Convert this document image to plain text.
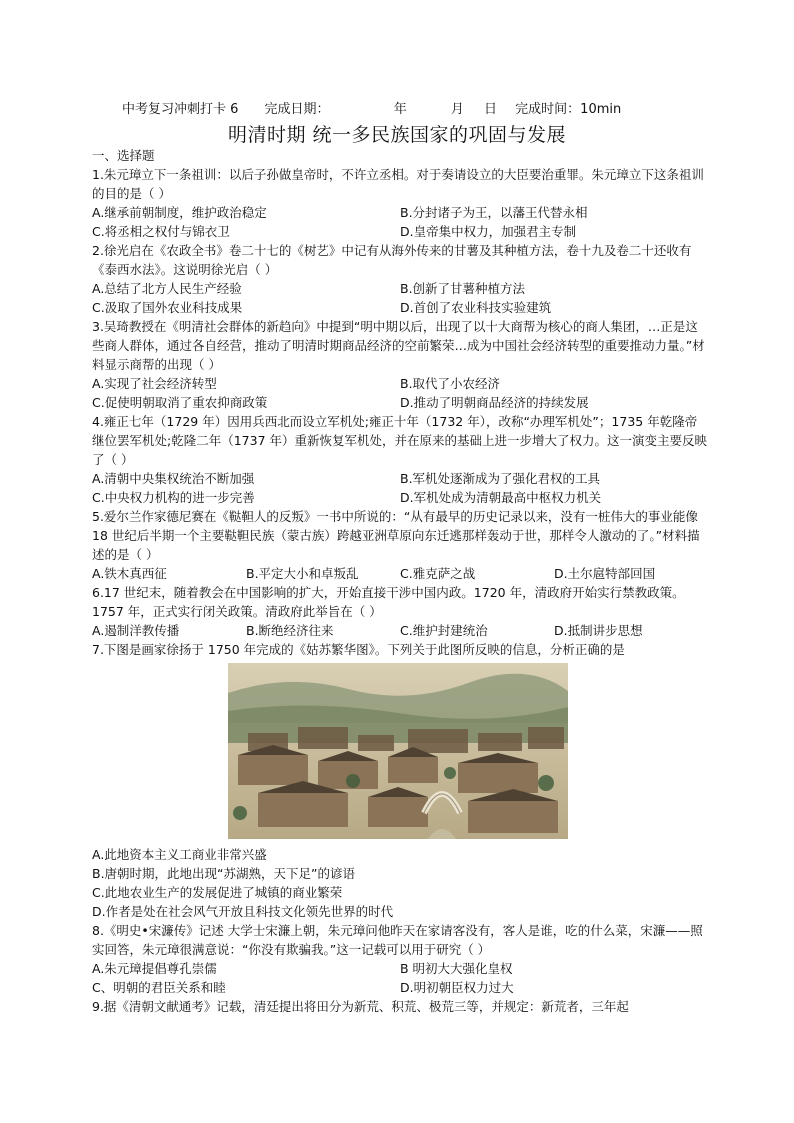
中考复习冲刺打卡 6 完成日期：	年	月 日 完成时间：10min
明清时期 统一多民族国家的巩固与发展

一、选择题

1.朱元璋立下一条祖训：以后子孙做皇帝时，不许立丞相。对于奏请设立的大臣要治重罪。朱元璋立下这条祖训的目的是（ ）

A.继承前朝制度，维护政治稳定	B.分封诸子为王，以藩王代替永相
C.将丞相之权付与锦衣卫	D.皇帝集中权力，加强君主专制

2.徐光启在《农政全书》卷二十七的《树艺》中记有从海外传来的甘薯及其种植方法，卷十九及卷二十还收有《泰西水法》。这说明徐光启（ ）

A.总结了北方人民生产经验	B.创新了甘薯种植方法
C.汲取了国外农业科技成果	D.首创了农业科技实验建筑

3.吴琦教授在《明清社会群体的新趋向》中提到“明中期以后，出现了以十大商帮为核心的商人集团，…正是这些商人群体，通过各自经营，推动了明清时期商品经济的空前繁荣…成为中国社会经济转型的重要推动力量。”材料显示商帮的出现（ ）

A.实现了社会经济转型	B.取代了小农经济
C.促使明朝取消了重农抑商政策	D.推动了明朝商品经济的持续发展

4.雍正七年（1729 年）因用兵西北而设立军机处;雍正十年（1732 年），改称“办理军机处”；1735 年乾隆帝继位罢军机处;乾隆二年（1737 年）重新恢复军机处，并在原来的基础上进一步增大了权力。这一演变主要反映了（ ）

A.清朝中央集权统治不断加强	B.军机处逐渐成为了强化君权的工具
C.中央权力机构的进一步完善	D.军机处成为清朝最高中枢权力机关

5.爱尔兰作家德尼赛在《鞑靼人的反叛》一书中所说的：“从有最早的历史记录以来，没有一桩伟大的事业能像 18 世纪后半期一个主要鞑靼民族（蒙古族）跨越亚洲草原向东迁逃那样轰动于世，那样令人激动的了。”材料描述的是（ ）

A.铁木真西征	B.平定大小和卓叛乱	C.雅克萨之战	D.土尔扈特部回国

6.17 世纪末，随着教会在中国影响的扩大，开始直接干涉中国内政。1720 年，清政府开始实行禁教政策。1757 年，正式实行闭关政策。清政府此举旨在（ ）

A.遏制洋教传播	B.断绝经济往来	C.维护封建统治	D.抵制讲步思想

7.下图是画家徐扬于 1750 年完成的《姑苏繁华图》。下列关于此图所反映的信息，分析正确的是

A.此地资本主义工商业非常兴盛

B.唐朝时期，此地出现“苏湖熟，天下足”的谚语

C.此地农业生产的发展促进了城镇的商业繁荣

D.作者是处在社会风气开放且科技文化领先世界的时代

8.《明史•宋濂传》记述 大学士宋濂上朝，朱元璋问他昨天在家请客没有，客人是谁，吃的什么菜，宋濂——照实回答，朱元璋很满意说：“你没有欺骗我。”这一记载可以用于研究（ ）

A.朱元璋提倡尊孔崇儒	B 明初大大强化皇权
C、明朝的君臣关系和睦	D.明初朝臣权力过大

9.据《清朝文献通考》记载，清廷提出将田分为新荒、积荒、极荒三等，并规定：新荒者，三年起
